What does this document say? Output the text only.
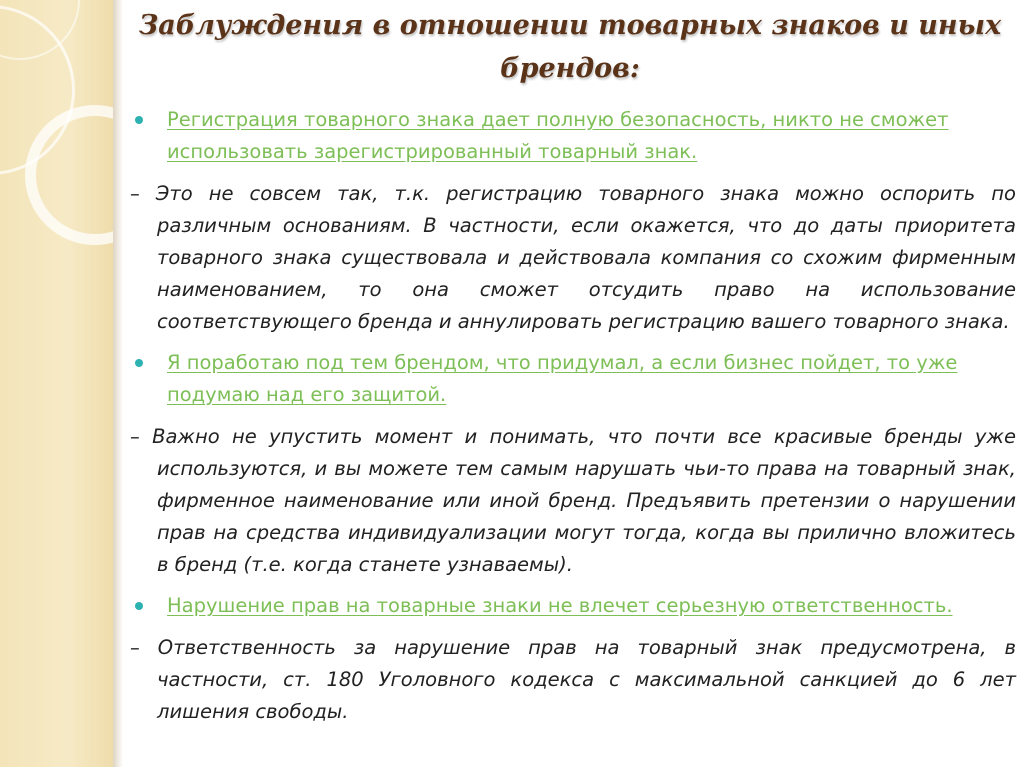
Заблуждения в отношении товарных знаков и иных
брендов:

Регистрация товарного знака дает полную безопасность, никто не сможет использовать зарегистрированный товарный знак.

– Это не совсем так, т.к. регистрацию товарного знака можно оспорить по различным основаниям. В частности, если окажется, что до даты приоритета товарного знака существовала и действовала компания со схожим фирменным наименованием, то она сможет отсудить право на использование соответствующего бренда и аннулировать регистрацию вашего товарного знака.

Я поработаю под тем брендом, что придумал, а если бизнес пойдет, то уже подумаю над его защитой.

– Важно не упустить момент и понимать, что почти все красивые бренды уже используются, и вы можете тем самым нарушать чьи-то права на товарный знак, фирменное наименование или иной бренд. Предъявить претензии о нарушении прав на средства индивидуализации могут тогда, когда вы прилично вложитесь в бренд (т.е. когда станете узнаваемы).

Нарушение прав на товарные знаки не влечет серьезную ответственность.

– Ответственность за нарушение прав на товарный знак предусмотрена, в частности, ст. 180 Уголовного кодекса с максимальной санкцией до 6 лет лишения свободы.
